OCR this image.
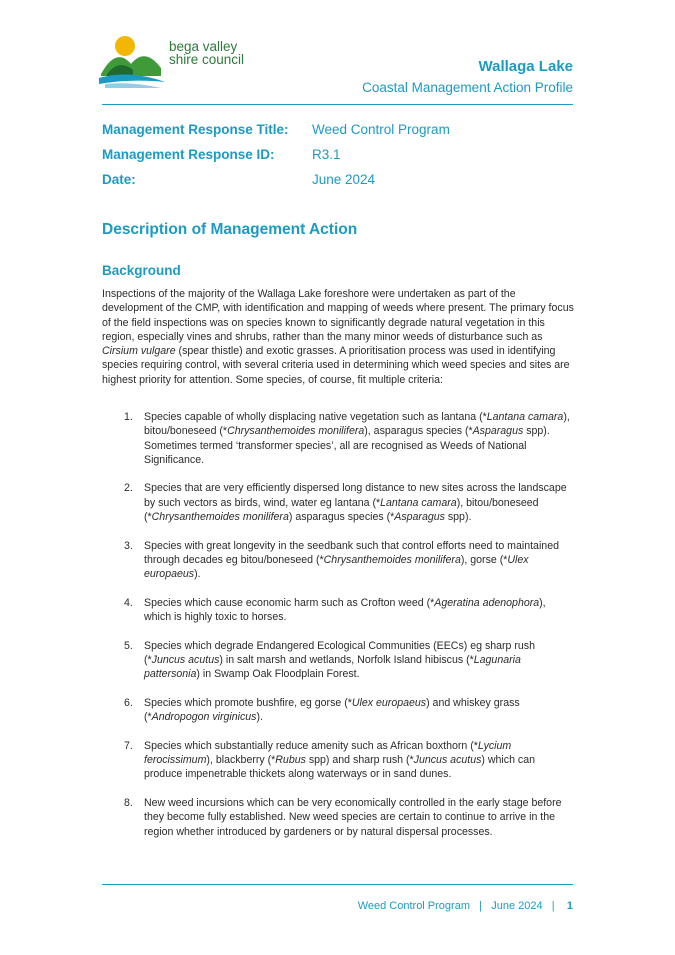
bega valley
shire council	Wallaga Lake
Coastal Management Action Profile
Management Response Title:	Weed Control Program
Management Response ID:	R3.1
Date:	June 2024
Description of Management Action
Background
Inspections of the majority of the Wallaga Lake foreshore were undertaken as part of the development of the CMP, with identification and mapping of weeds where present. The primary focus of the field inspections was on species known to significantly degrade natural vegetation in this region, especially vines and shrubs, rather than the many minor weeds of disturbance such as Cirsium vulgare (spear thistle) and exotic grasses. A prioritisation process was used in identifying species requiring control, with several criteria used in determining which weed species and sites are highest priority for attention. Some species, of course, fit multiple criteria:
1. Species capable of wholly displacing native vegetation such as lantana (*Lantana camara), bitou/boneseed (*Chrysanthemoides monilifera), asparagus species (*Asparagus spp). Sometimes termed ‘transformer species’, all are recognised as Weeds of National Significance.
2. Species that are very efficiently dispersed long distance to new sites across the landscape by such vectors as birds, wind, water eg lantana (*Lantana camara), bitou/boneseed (*Chrysanthemoides monilifera) asparagus species (*Asparagus spp).
3. Species with great longevity in the seedbank such that control efforts need to maintained through decades eg bitou/boneseed (*Chrysanthemoides monilifera), gorse (*Ulex europaeus).
4. Species which cause economic harm such as Crofton weed (*Ageratina adenophora), which is highly toxic to horses.
5. Species which degrade Endangered Ecological Communities (EECs) eg sharp rush (*Juncus acutus) in salt marsh and wetlands, Norfolk Island hibiscus (*Lagunaria pattersonia) in Swamp Oak Floodplain Forest.
6. Species which promote bushfire, eg gorse (*Ulex europaeus) and whiskey grass (*Andropogon virginicus).
7. Species which substantially reduce amenity such as African boxthorn (*Lycium ferocissimum), blackberry (*Rubus spp) and sharp rush (*Juncus acutus) which can produce impenetrable thickets along waterways or in sand dunes.
8. New weed incursions which can be very economically controlled in the early stage before they become fully established. New weed species are certain to continue to arrive in the region whether introduced by gardeners or by natural dispersal processes.
Weed Control Program   |   June 2024   |    1
